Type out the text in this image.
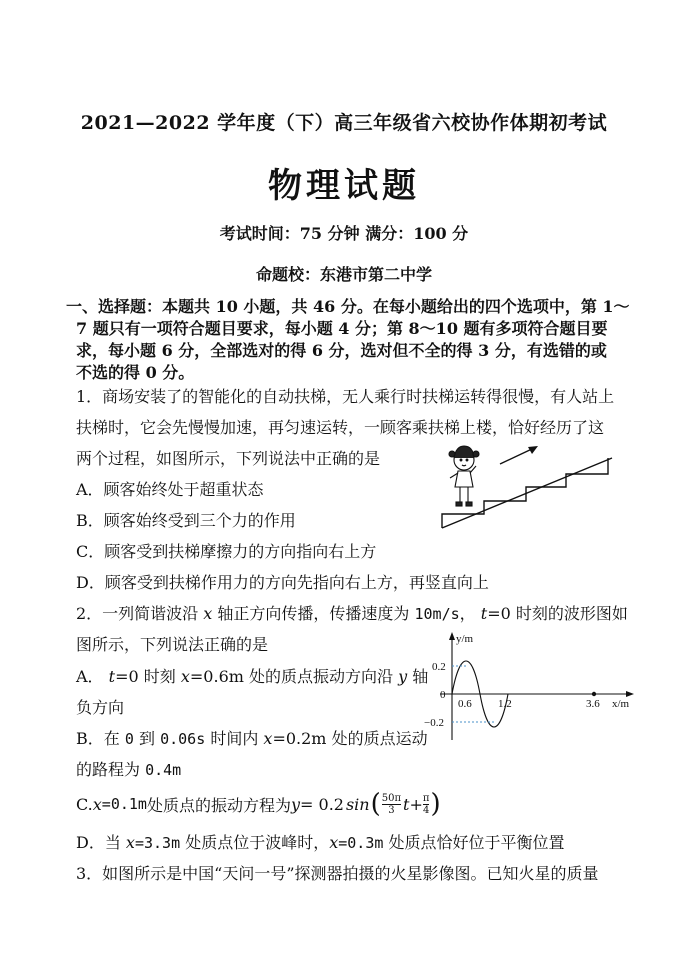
2021—2022 学年度（下）高三年级省六校协作体期初考试
物理试题
考试时间：75 分钟 满分：100 分
命题校：东港市第二中学
一、选择题：本题共 10 小题，共 46 分。在每小题给出的四个选项中，第 1～
7 题只有一项符合题目要求，每小题 4 分；第 8～10 题有多项符合题目要
求，每小题 6 分，全部选对的得 6 分，选对但不全的得 3 分，有选错的或
不选的得 0 分。
1．商场安装了的智能化的自动扶梯，无人乘行时扶梯运转得很慢，有人站上
扶梯时，它会先慢慢加速，再匀速运转，一顾客乘扶梯上楼，恰好经历了这
两个过程，如图所示，下列说法中正确的是
A．顾客始终处于超重状态
B．顾客始终受到三个力的作用
C．顾客受到扶梯摩擦力的方向指向右上方
D．顾客受到扶梯作用力的方向先指向右上方，再竖直向上
2．一列简谐波沿 x 轴正方向传播，传播速度为 10m/s， t=0 时刻的波形图如
图所示，下列说法正确的是
A． t=0 时刻 x=0.6m 处的质点振动方向沿 y 轴
负方向
B．在 0 到 0.06s 时间内 x=0.2m 处的质点运动
的路程为 0.4m
C. x =0.1m 处质点的振动方程为 y = 0.2 sin ( 50π
3 $t + \frac{\pi}{4}$ )
D．当 x=3.3m 处质点位于波峰时，x=0.3m 处质点恰好位于平衡位置
3．如图所示是中国“天问一号”探测器拍摄的火星影像图。已知火星的质量
y/m
x/m
0
0.2
−0.2
0.6 1.2	3.6
